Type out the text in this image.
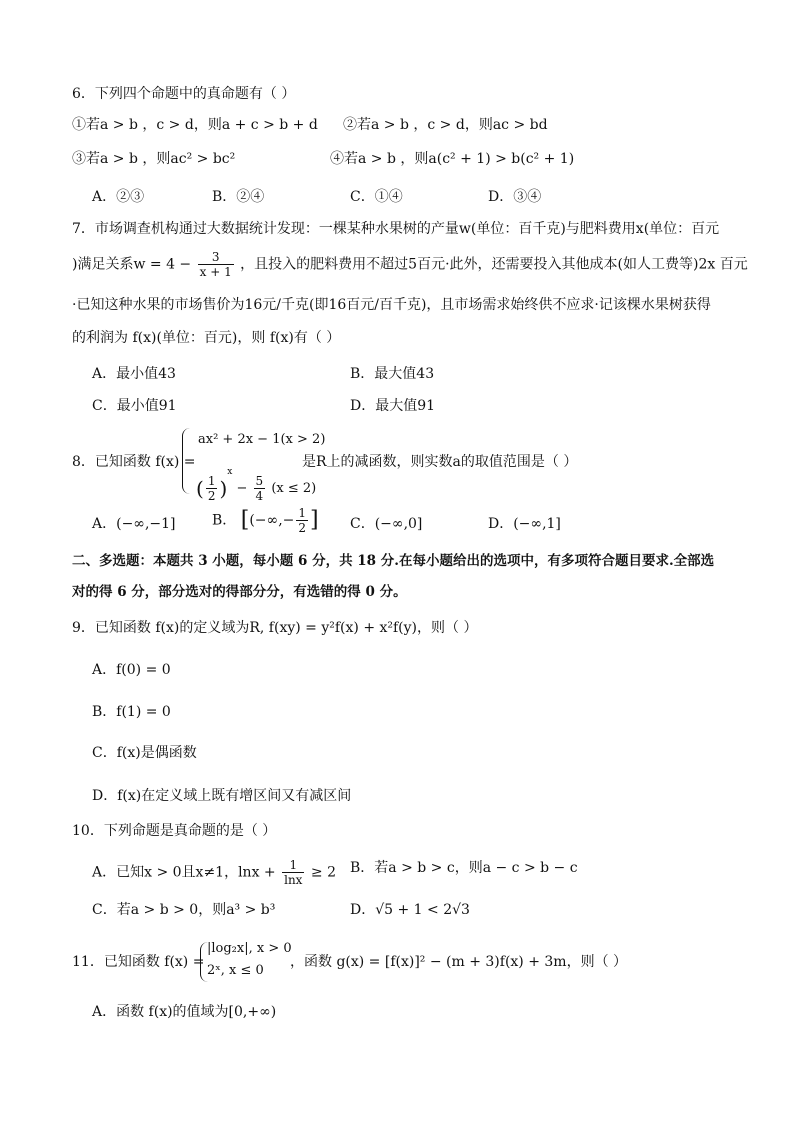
6．下列四个命题中的真命题有（ ）
①若a > b ，c > d，则a + c > b + d ②若a > b ，c > d，则ac > bd
③若a > b ，则ac² > bc²	④若a > b ，则a(c² + 1) > b(c² + 1)
A．②③	B．②④	C．①④	D．③④
7．市场调查机构通过大数据统计发现：一棵某种水果树的产量w(单位：百千克)与肥料费用x(单位：百元
)满足关系$w = 4 - \frac{3}{x + 1}$ ，且投入的肥料费用不超过5百元·此外，还需要投入其他成本(如人工费等)2x 百元
·已知这种水果的市场售价为16元/千克(即16百元/百千克)，且市场需求始终供不应求·记该棵水果树获得
的利润为 f(x)(单位：百元)，则 f(x)有（ ）
A．最小值43	B．最大值43
C．最小值91	D．最大值91
8．已知函数 f(x) =
ax² + 2x − 1(x > 2)
( $\frac{1}{2} )^x - \frac{5}{4} (x \le 2)$
是R上的减函数，则实数a的取值范围是（ ）
A．(−∞,−1]	B． [(−∞,− $\frac{1}{2}$ ] C．(−∞,0]	D．(−∞,1]
二、多选题：本题共 3 小题，每小题 6 分，共 18 分.在每小题给出的选项中，有多项符合题目要求.全部选
对的得 6 分，部分选对的得部分分，有选错的得 0 分。
9．已知函数 f(x)的定义域为R, f(xy) = y²f(x) + x²f(y)，则（ ）
A．f(0) = 0
B．f(1) = 0
C．f(x)是偶函数
D．f(x)在定义域上既有增区间又有减区间
10．下列命题是真命题的是（ ）
A．已知x > 0且x≠1，$\ln x + \frac{1}{\ln x} \ge 2$ B．若a > b > c，则a − c > b − c
C．若a > b > 0，则a³ > b³	D．√5 + 1 < 2√3
11．已知函数 f(x) =
|log₂x|, x > 0
2ˣ, x ≤ 0
，函数 g(x) = [f(x)]² − (m + 3)f(x) + 3m，则（ ）
A．函数 f(x)的值域为[0,+∞)
